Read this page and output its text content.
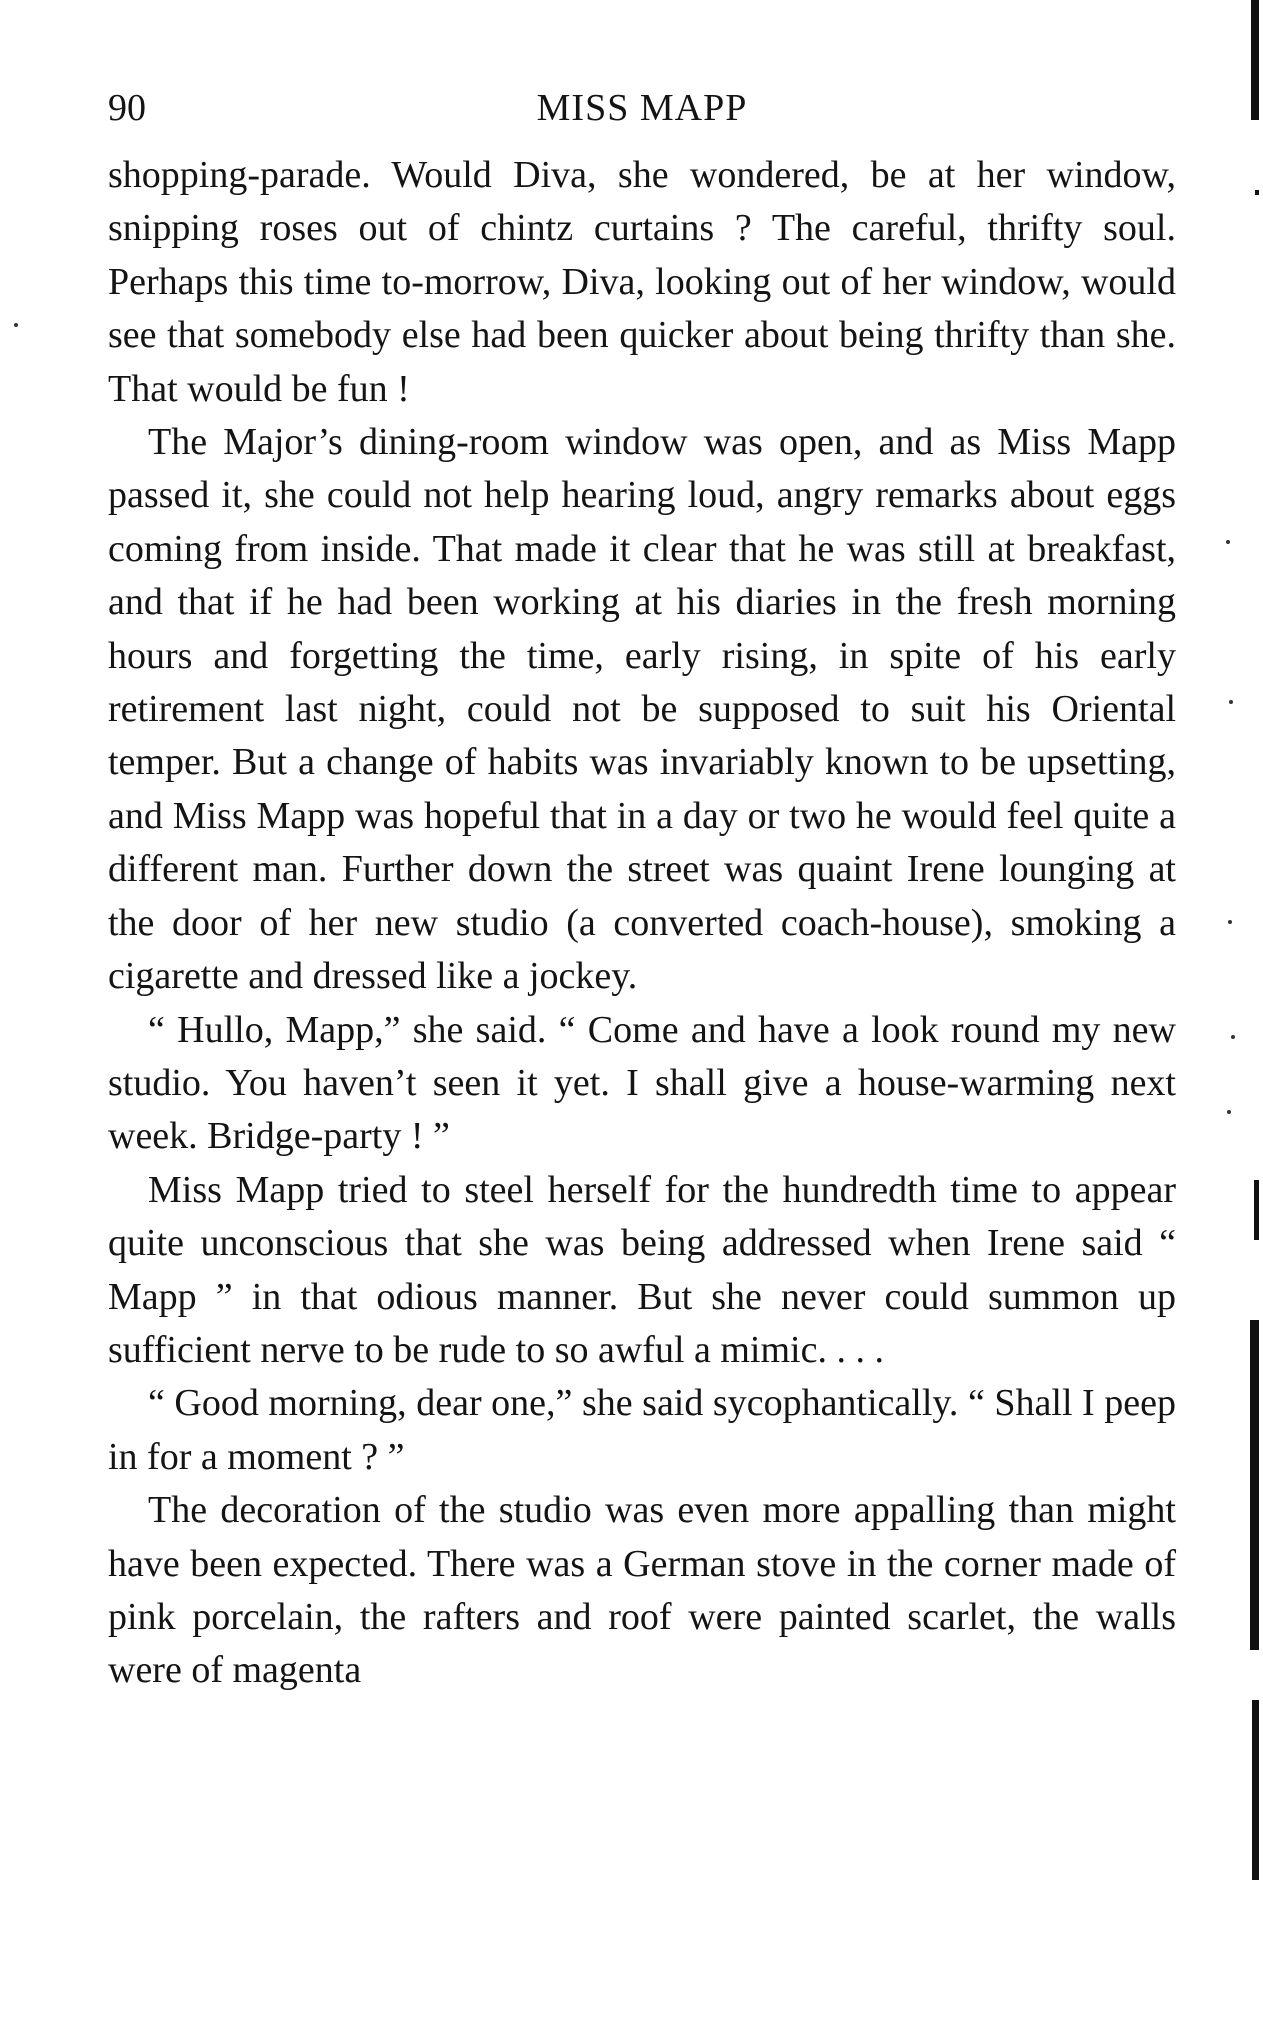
90	MISS MAPP

shopping-parade. Would Diva, she wondered, be at her window, snipping roses out of chintz curtains ? The careful, thrifty soul. Perhaps this time to-morrow, Diva, looking out of her window, would see that somebody else had been quicker about being thrifty than she. That would be fun !

The Major’s dining-room window was open, and as Miss Mapp passed it, she could not help hearing loud, angry remarks about eggs coming from inside. That made it clear that he was still at breakfast, and that if he had been working at his diaries in the fresh morning hours and forgetting the time, early rising, in spite of his early retirement last night, could not be supposed to suit his Oriental temper. But a change of habits was invariably known to be upsetting, and Miss Mapp was hopeful that in a day or two he would feel quite a different man. Further down the street was quaint Irene lounging at the door of her new studio (a converted coach-house), smoking a cigarette and dressed like a jockey.

“ Hullo, Mapp,” she said. “ Come and have a look round my new studio. You haven’t seen it yet. I shall give a house-warming next week. Bridge-party ! ”

Miss Mapp tried to steel herself for the hundredth time to appear quite unconscious that she was being addressed when Irene said “ Mapp ” in that odious manner. But she never could summon up sufficient nerve to be rude to so awful a mimic. . . .

“ Good morning, dear one,” she said sycophantically. “ Shall I peep in for a moment ? ”

The decoration of the studio was even more appalling than might have been expected. There was a German stove in the corner made of pink porcelain, the rafters and roof were painted scarlet, the walls were of magenta
